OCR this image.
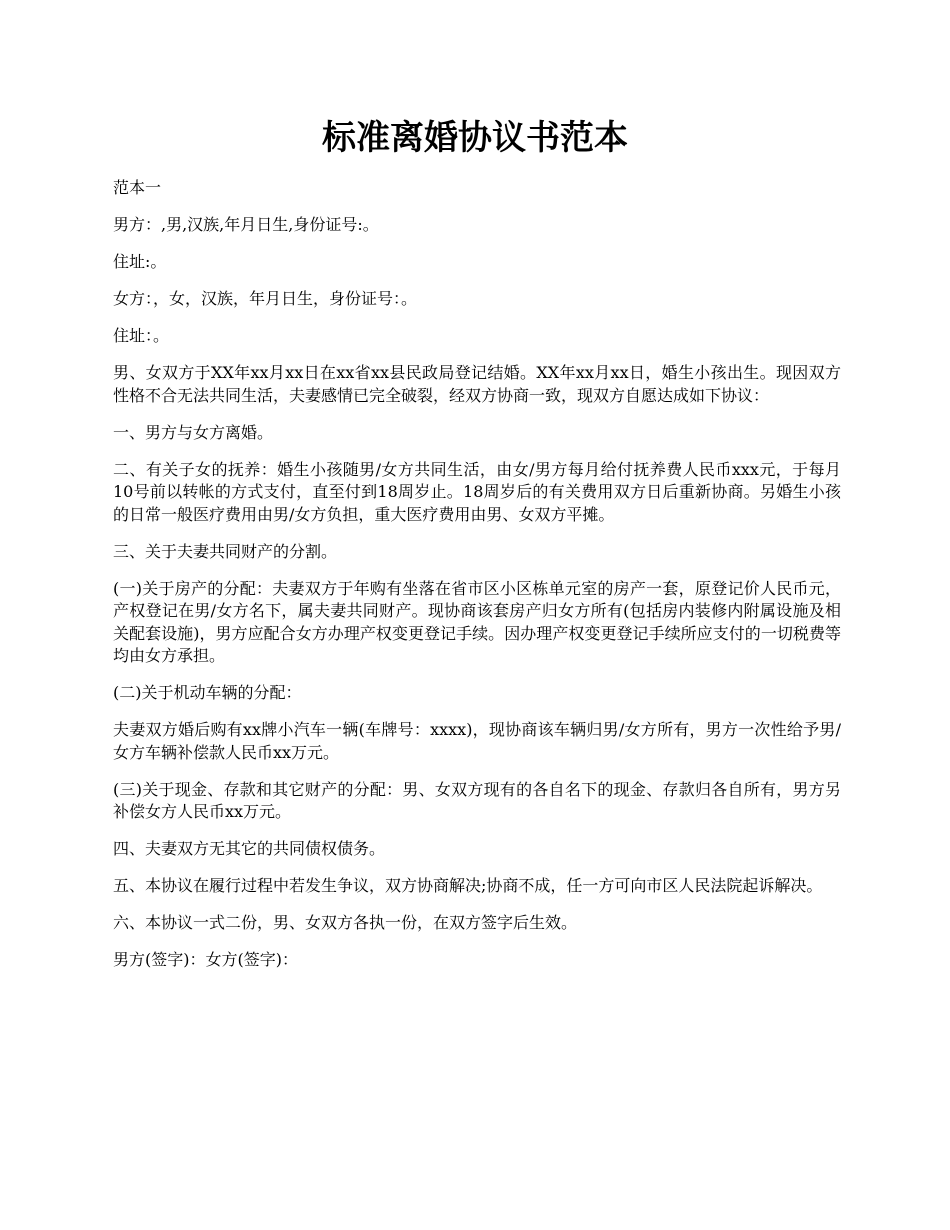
标准离婚协议书范本

范本一

男方：,男,汉族,年月日生,身份证号:。

住址:。

女方：，女，汉族，年月日生，身份证号：。

住址：。

男、女双方于XX年xx月xx日在xx省xx县民政局登记结婚。XX年xx月xx日，婚生小孩出生。现因双方性格不合无法共同生活，夫妻感情已完全破裂，经双方协商一致，现双方自愿达成如下协议：

一、男方与女方离婚。

二、有关子女的抚养：婚生小孩随男/女方共同生活，由女/男方每月给付抚养费人民币xxx元，于每月10号前以转帐的方式支付，直至付到18周岁止。18周岁后的有关费用双方日后重新协商。另婚生小孩的日常一般医疗费用由男/女方负担，重大医疗费用由男、女双方平摊。

三、关于夫妻共同财产的分割。

(一)关于房产的分配：夫妻双方于年购有坐落在省市区小区栋单元室的房产一套，原登记价人民币元，产权登记在男/女方名下，属夫妻共同财产。现协商该套房产归女方所有(包括房内装修内附属设施及相关配套设施)，男方应配合女方办理产权变更登记手续。因办理产权变更登记手续所应支付的一切税费等均由女方承担。

(二)关于机动车辆的分配：

夫妻双方婚后购有xx牌小汽车一辆(车牌号：xxxx)，现协商该车辆归男/女方所有，男方一次性给予男/女方车辆补偿款人民币xx万元。

(三)关于现金、存款和其它财产的分配：男、女双方现有的各自名下的现金、存款归各自所有，男方另补偿女方人民币xx万元。

四、夫妻双方无其它的共同债权债务。

五、本协议在履行过程中若发生争议，双方协商解决;协商不成，任一方可向市区人民法院起诉解决。

六、本协议一式二份，男、女双方各执一份，在双方签字后生效。

男方(签字)：女方(签字)：
